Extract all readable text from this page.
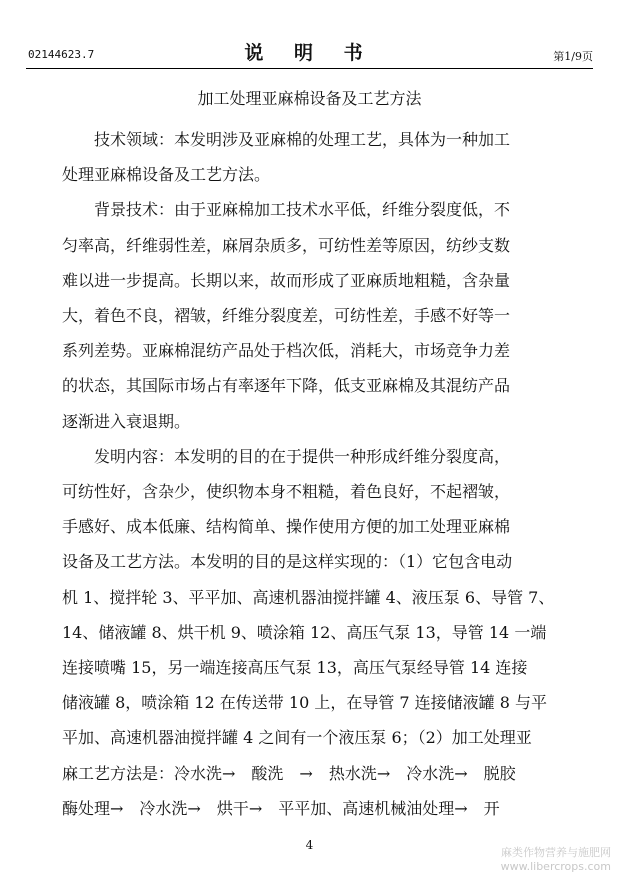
02144623.7	说 明 书	第1/9页
加工处理亚麻棉设备及工艺方法
　　技术领域：本发明涉及亚麻棉的处理工艺，具体为一种加工
处理亚麻棉设备及工艺方法。
　　背景技术：由于亚麻棉加工技术水平低，纤维分裂度低，不
匀率高，纤维弱性差，麻屑杂质多，可纺性差等原因，纺纱支数
难以进一步提高。长期以来，故而形成了亚麻质地粗糙，含杂量
大，着色不良，褶皱，纤维分裂度差，可纺性差，手感不好等一
系列差势。亚麻棉混纺产品处于档次低，消耗大，市场竞争力差
的状态，其国际市场占有率逐年下降，低支亚麻棉及其混纺产品
逐渐进入衰退期。
　　发明内容：本发明的目的在于提供一种形成纤维分裂度高，
可纺性好，含杂少，使织物本身不粗糙，着色良好，不起褶皱，
手感好、成本低廉、结构简单、操作使用方便的加工处理亚麻棉
设备及工艺方法。本发明的目的是这样实现的：（1）它包含电动
机 1、搅拌轮 3、平平加、高速机器油搅拌罐 4、液压泵 6、导管 7、
14、储液罐 8、烘干机 9、喷涂箱 12、高压气泵 13，导管 14 一端
连接喷嘴 15，另一端连接高压气泵 13，高压气泵经导管 14 连接
储液罐 8，喷涂箱 12 在传送带 10 上，在导管 7 连接储液罐 8 与平
平加、高速机器油搅拌罐 4 之间有一个液压泵 6；（2）加工处理亚
麻工艺方法是：冷水洗→　酸洗　→　热水洗→　冷水洗→　脱胶
酶处理→　冷水洗→　烘干→　平平加、高速机械油处理→　开
4
麻类作物营养与施肥网
www.libercrops.com
